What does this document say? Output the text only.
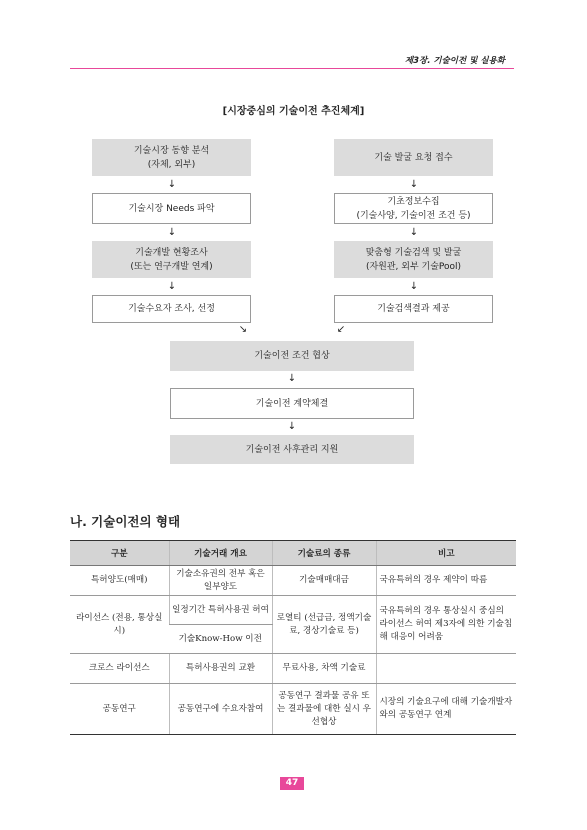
제3장. 기술이전 및 실용화
[시장중심의 기술이전 추진체계]
기술시장 동향 분석
(자체, 외부)
↓
기술시장 Needs 파악
↓
기술개발 현황조사
(또는 연구개발 연계)
↓
기술수요자 조사, 선정
기술 발굴 요청 접수
↓
기초정보수집
(기술사양, 기술이전 조건 등)
↓
맞춤형 기술검색 및 발굴
(자원관, 외부 기술Pool)
↓
기술검색결과 제공
↘	↙
기술이전 조건 협상
↓
기술이전 계약체결
↓
기술이전 사후관리 지원
나. 기술이전의 형태
구분	기술거래 개요	기술료의 종류	비고
특허양도(매매)	기술소유권의 전부 혹은 일부양도	기술매매대금	국유특허의 경우 제약이 따름
라이선스 (전용, 통상실시)	일정기간 특허사용권 허여	로열티 (선급금, 정액기술료, 경상기술료 등)	국유특허의 경우 통상실시 중심의 라이선스 허여 제3자에 의한 기술침해 대응이 어려움
	기술Know-How 이전		
크로스 라이선스	특허사용권의 교환	무료사용, 차액 기술료	
공동연구	공동연구에 수요자참여	공동연구 결과물 공유 또는 결과물에 대한 실시 우선협상	시장의 기술요구에 대해 기술개발자와의 공동연구 연계
47
